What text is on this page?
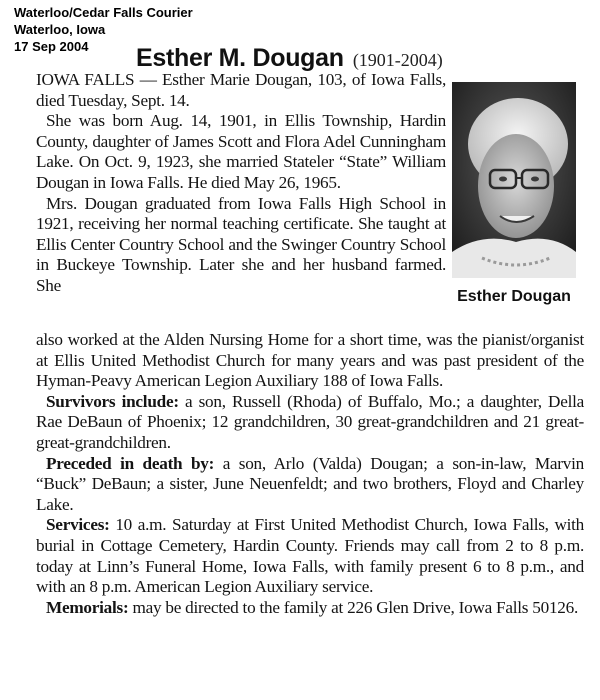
Waterloo/Cedar Falls Courier
Waterloo, Iowa
17 Sep 2004	Esther M. Dougan (1901-2004)

IOWA FALLS — Esther Marie Dougan, 103, of Iowa Falls, died Tuesday, Sept. 14.

She was born Aug. 14, 1901, in Ellis Township, Hardin County, daughter of James Scott and Flora Adel Cunningham Lake. On Oct. 9, 1923, she married Stateler “State” William Dougan in Iowa Falls. He died May 26, 1965.

Mrs. Dougan graduated from Iowa Falls High School in 1921, receiving her normal teaching certificate. She taught at Ellis Center Country School and the Swinger Country School in Buckeye Township. Later she and her husband farmed. She

Esther Dougan

also worked at the Alden Nursing Home for a short time, was the pianist/organist at Ellis United Methodist Church for many years and was past president of the Hyman-Peavy American Legion Auxiliary 188 of Iowa Falls.

Survivors include: a son, Russell (Rhoda) of Buffalo, Mo.; a daughter, Della Rae DeBaun of Phoenix; 12 grandchildren, 30 great-grandchildren and 21 great-great-grandchildren.

Preceded in death by: a son, Arlo (Valda) Dougan; a son-in-law, Marvin “Buck” DeBaun; a sister, June Neuenfeldt; and two brothers, Floyd and Charley Lake.

Services: 10 a.m. Saturday at First United Methodist Church, Iowa Falls, with burial in Cottage Cemetery, Hardin County. Friends may call from 2 to 8 p.m. today at Linn’s Funeral Home, Iowa Falls, with family present 6 to 8 p.m., and with an 8 p.m. American Legion Auxiliary service.

Memorials: may be directed to the family at 226 Glen Drive, Iowa Falls 50126.
